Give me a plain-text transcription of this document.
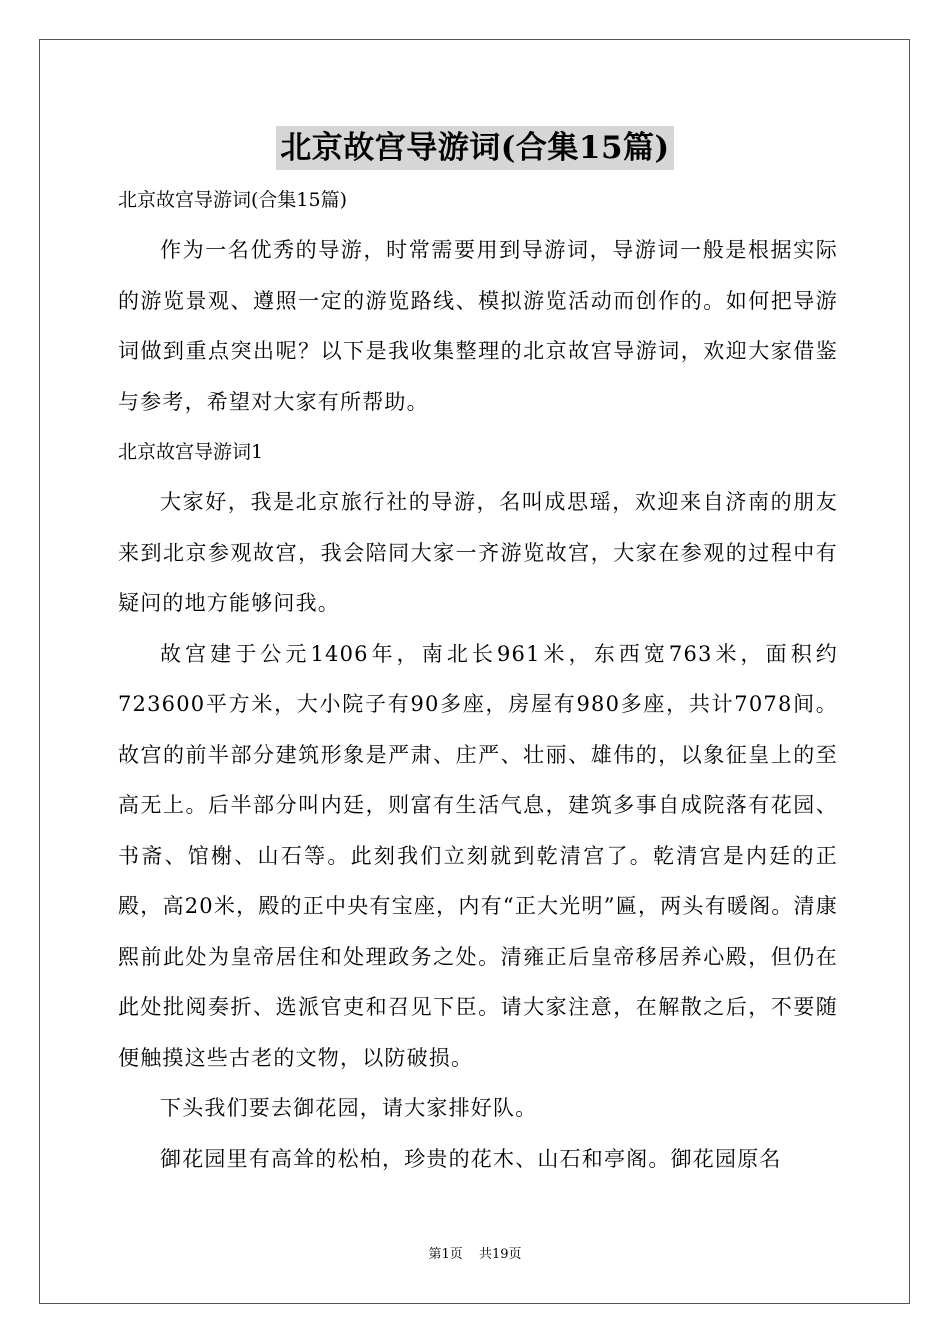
北京故宫导游词(合集15篇)

北京故宫导游词(合集15篇)

作为一名优秀的导游，时常需要用到导游词，导游词一般是根据实际的游览景观、遵照一定的游览路线、模拟游览活动而创作的。如何把导游词做到重点突出呢？以下是我收集整理的北京故宫导游词，欢迎大家借鉴与参考，希望对大家有所帮助。

北京故宫导游词1

大家好，我是北京旅行社的导游，名叫成思瑶，欢迎来自济南的朋友来到北京参观故宫，我会陪同大家一齐游览故宫，大家在参观的过程中有疑问的地方能够问我。

故宫建于公元1406年，南北长961米，东西宽763米，面积约723600平方米，大小院子有90多座，房屋有980多座，共计7078间。故宫的前半部分建筑形象是严肃、庄严、壮丽、雄伟的，以象征皇上的至高无上。后半部分叫内廷，则富有生活气息，建筑多事自成院落有花园、书斋、馆榭、山石等。此刻我们立刻就到乾清宫了。乾清宫是内廷的正殿，高20米，殿的正中央有宝座，内有“正大光明”匾，两头有暖阁。清康熙前此处为皇帝居住和处理政务之处。清雍正后皇帝移居养心殿，但仍在此处批阅奏折、选派官吏和召见下臣。请大家注意，在解散之后，不要随便触摸这些古老的文物，以防破损。

下头我们要去御花园，请大家排好队。

御花园里有高耸的松柏，珍贵的花木、山石和亭阁。御花园原名

第1页 共19页
